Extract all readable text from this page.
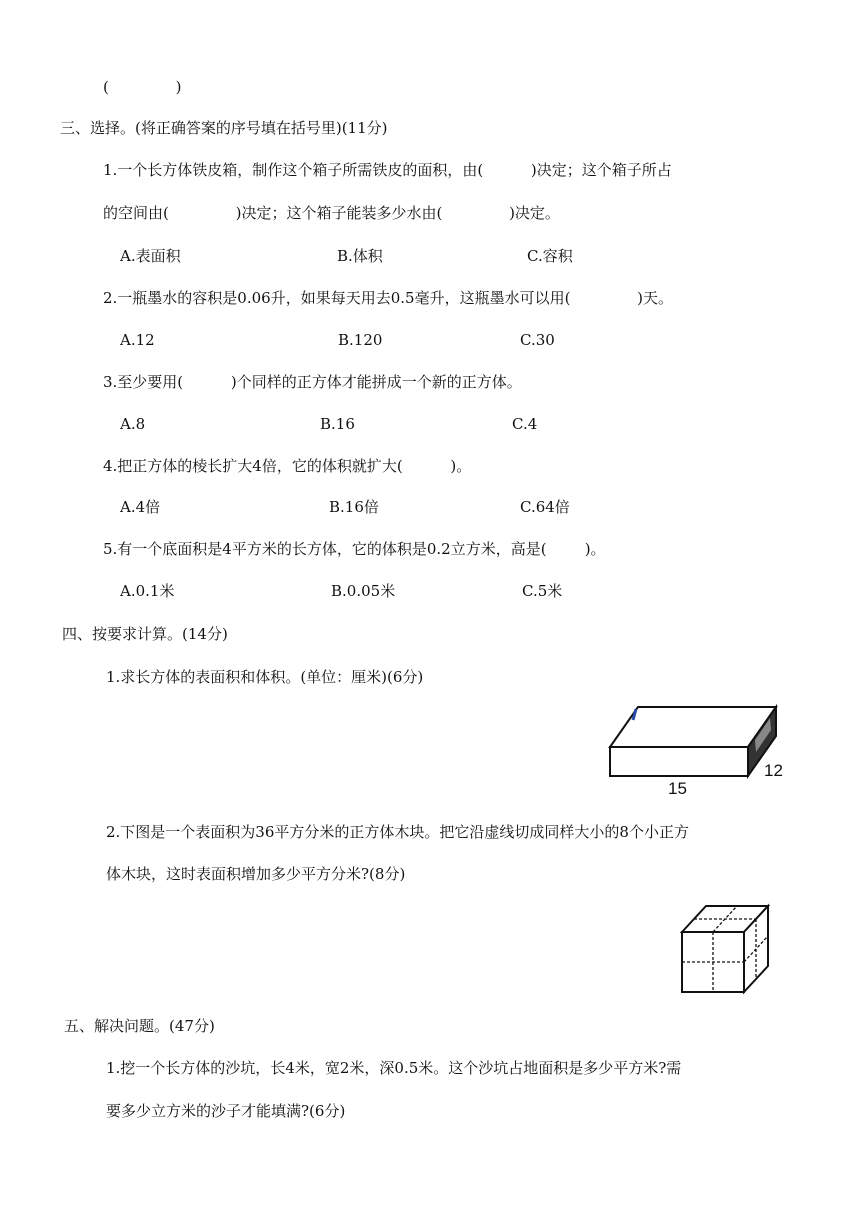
(              )
三、选择。(将正确答案的序号填在括号里)(11分)
1.一个长方体铁皮箱，制作这个箱子所需铁皮的面积，由(          )决定；这个箱子所占
的空间由(              )决定；这个箱子能装多少水由(              )决定。
A.表面积	B.体积	C.容积
2.一瓶墨水的容积是0.06升，如果每天用去0.5毫升，这瓶墨水可以用(              )天。
A.12	B.120	C.30
3.至少要用(          )个同样的正方体才能拼成一个新的正方体。
A.8	B.16	C.4
4.把正方体的棱长扩大4倍，它的体积就扩大(          )。
A.4倍	B.16倍	C.64倍
5.有一个底面积是4平方米的长方体，它的体积是0.2立方米，高是(        )。
A.0.1米	B.0.05米	C.5米
四、按要求计算。(14分)
1.求长方体的表面积和体积。(单位：厘米)(6分)
12
15
2.下图是一个表面积为36平方分米的正方体木块。把它沿虚线切成同样大小的8个小正方
体木块，这时表面积增加多少平方分米?(8分)
五、解决问题。(47分)
1.挖一个长方体的沙坑，长4米，宽2米，深0.5米。这个沙坑占地面积是多少平方米?需
要多少立方米的沙子才能填满?(6分)
